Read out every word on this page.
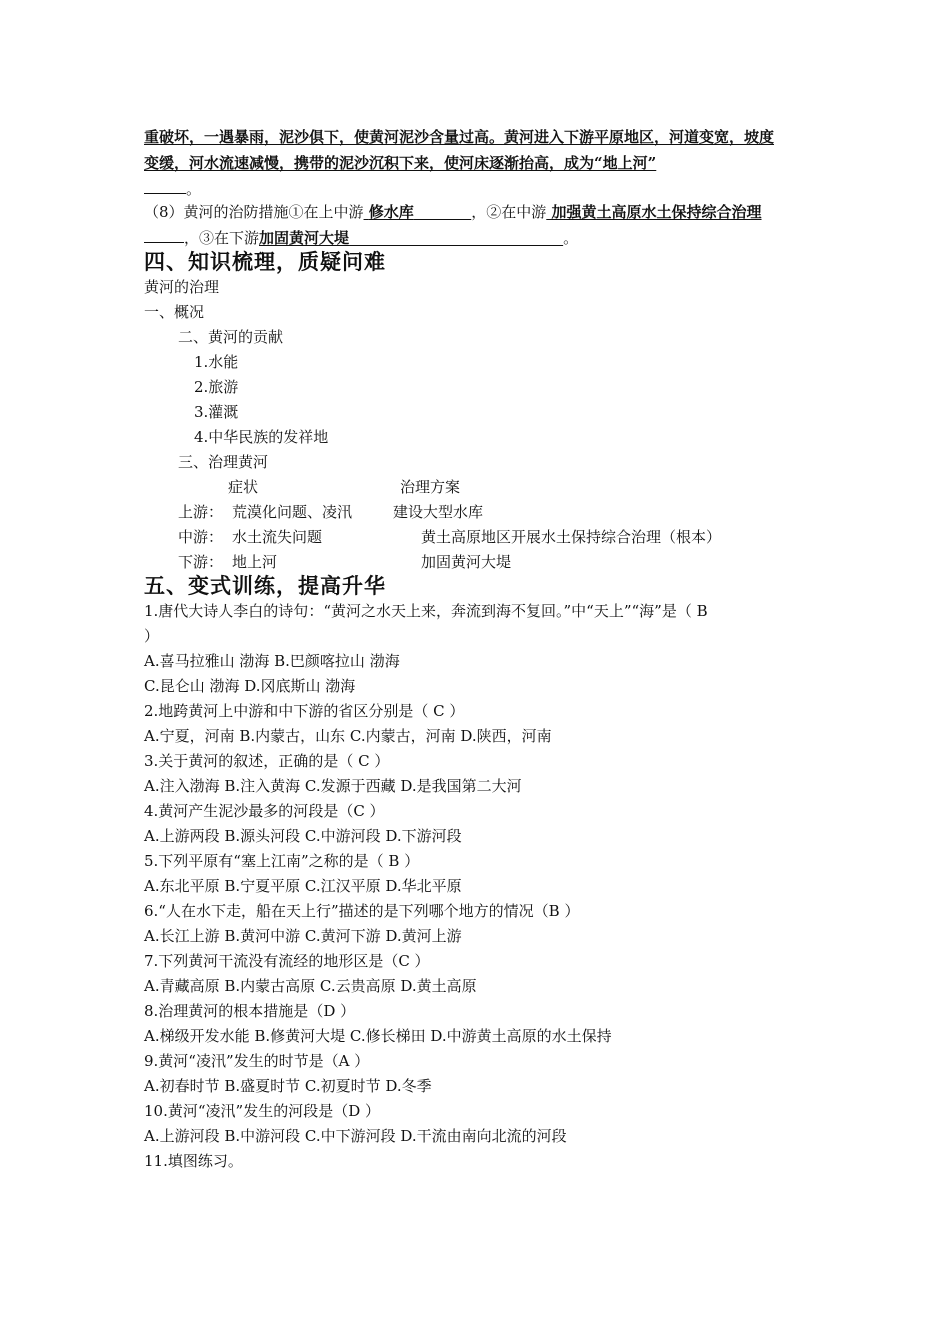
重破坏，一遇暴雨，泥沙俱下，使黄河泥沙含量过高。黄河进入下游平原地区，河道变宽，坡度
变缓，河水流速减慢，携带的泥沙沉积下来，使河床逐渐抬高，成为“地上河”
。
（8）黄河的治防措施①在上中游 修水库	，②在中游 加强黄土高原水土保持综合治理
，③在下游加固黄河大堤	。
四、知识梳理，质疑问难
黄河的治理
一、概况
二、黄河的贡献
1.水能
2.旅游
3.灌溉
4.中华民族的发祥地
三、治理黄河
症状	治理方案
上游： 荒漠化问题、凌汛	建设大型水库
中游： 水土流失问题	黄土高原地区开展水土保持综合治理（根本）
下游： 地上河	加固黄河大堤
五、变式训练，提高升华
1.唐代大诗人李白的诗句：“黄河之水天上来，奔流到海不复回。”中“天上”“海”是（ B
）
A.喜马拉雅山 渤海 B.巴颜喀拉山 渤海
C.昆仑山 渤海 D.冈底斯山 渤海
2.地跨黄河上中游和中下游的省区分别是（ C ）
A.宁夏，河南 B.内蒙古，山东 C.内蒙古，河南 D.陕西，河南
3.关于黄河的叙述，正确的是（ C ）
A.注入渤海 B.注入黄海 C.发源于西藏 D.是我国第二大河
4.黄河产生泥沙最多的河段是（C ）
A.上游两段 B.源头河段 C.中游河段 D.下游河段
5.下列平原有“塞上江南”之称的是（ B ）
A.东北平原 B.宁夏平原 C.江汉平原 D.华北平原
6.“人在水下走，船在天上行”描述的是下列哪个地方的情况（B ）
A.长江上游 B.黄河中游 C.黄河下游 D.黄河上游
7.下列黄河干流没有流经的地形区是（C ）
A.青藏高原 B.内蒙古高原 C.云贵高原 D.黄土高原
8.治理黄河的根本措施是（D ）
A.梯级开发水能 B.修黄河大堤 C.修长梯田 D.中游黄土高原的水土保持
9.黄河“凌汛”发生的时节是（A ）
A.初春时节 B.盛夏时节 C.初夏时节 D.冬季
10.黄河“凌汛”发生的河段是（D ）
A.上游河段 B.中游河段 C.中下游河段 D.干流由南向北流的河段
11.填图练习。
